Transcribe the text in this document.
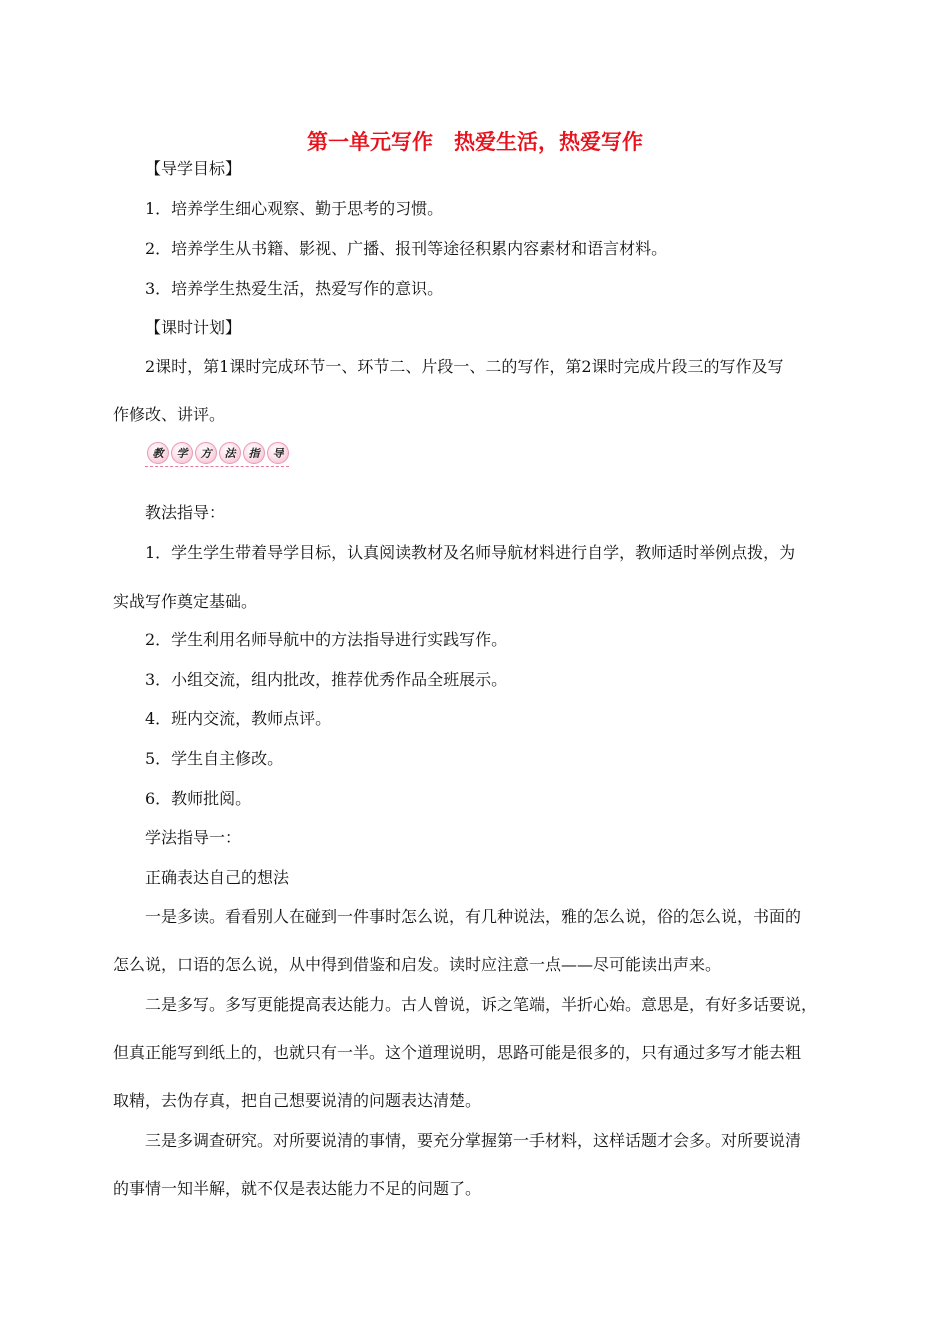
第一单元写作　热爱生活，热爱写作

【导学目标】

1．培养学生细心观察、勤于思考的习惯。

2．培养学生从书籍、影视、广播、报刊等途径积累内容素材和语言材料。

3．培养学生热爱生活，热爱写作的意识。

【课时计划】

2课时，第1课时完成环节一、环节二、片段一、二的写作，第2课时完成片段三的写作及写

作修改、讲评。

教	学	方	法	指	导

教法指导：

1．学生学生带着导学目标，认真阅读教材及名师导航材料进行自学，教师适时举例点拨，为

实战写作奠定基础。

2．学生利用名师导航中的方法指导进行实践写作。

3．小组交流，组内批改，推荐优秀作品全班展示。

4．班内交流，教师点评。

5．学生自主修改。

6．教师批阅。

学法指导一：

正确表达自己的想法

一是多读。看看别人在碰到一件事时怎么说，有几种说法，雅的怎么说，俗的怎么说，书面的

怎么说，口语的怎么说，从中得到借鉴和启发。读时应注意一点——尽可能读出声来。

二是多写。多写更能提高表达能力。古人曾说，诉之笔端，半折心始。意思是，有好多话要说，

但真正能写到纸上的，也就只有一半。这个道理说明，思路可能是很多的，只有通过多写才能去粗

取精，去伪存真，把自己想要说清的问题表达清楚。

三是多调查研究。对所要说清的事情，要充分掌握第一手材料，这样话题才会多。对所要说清

的事情一知半解，就不仅是表达能力不足的问题了。
